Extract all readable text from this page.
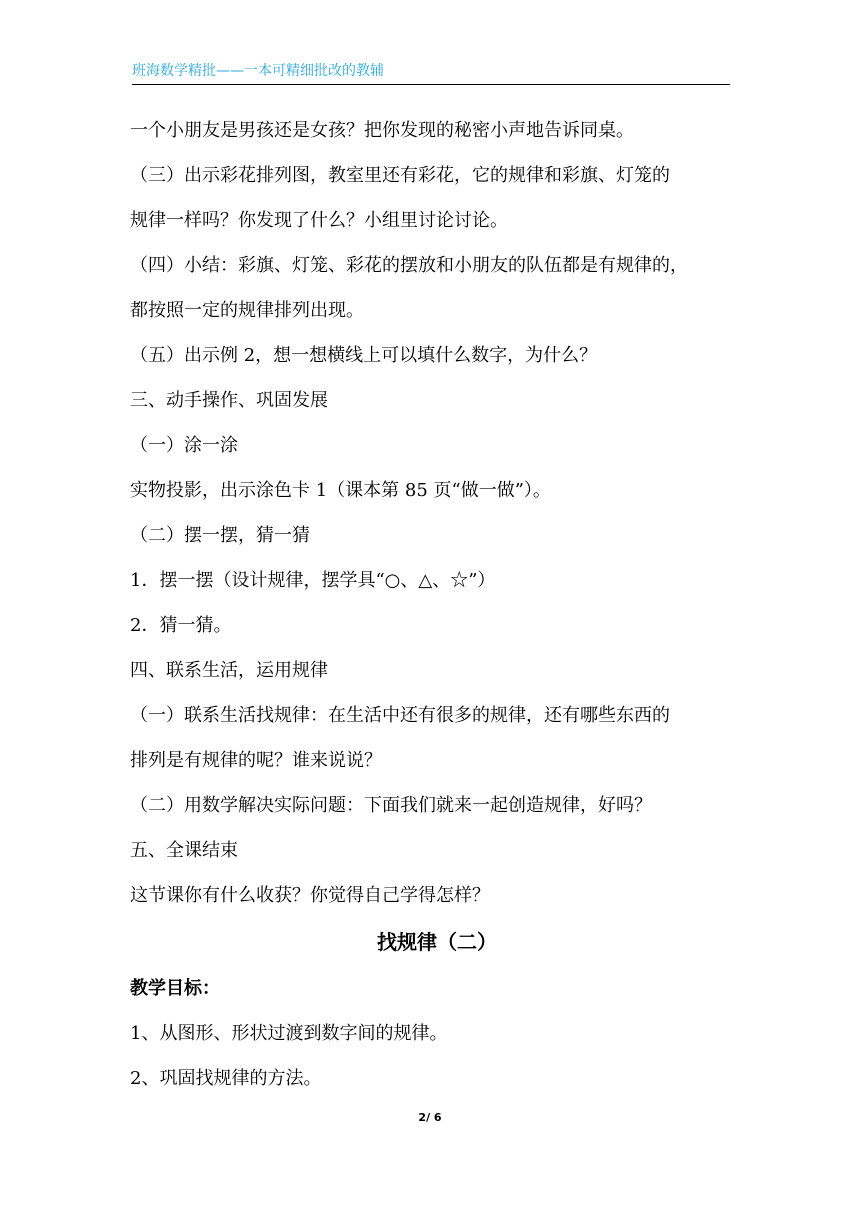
班海数学精批——一本可精细批改的教辅
一个小朋友是男孩还是女孩？把你发现的秘密小声地告诉同桌。
（三）出示彩花排列图，教室里还有彩花，它的规律和彩旗、灯笼的
规律一样吗？你发现了什么？小组里讨论讨论。
（四）小结：彩旗、灯笼、彩花的摆放和小朋友的队伍都是有规律的，
都按照一定的规律排列出现。
（五）出示例 2，想一想横线上可以填什么数字，为什么？
三、动手操作、巩固发展
（一）涂一涂
实物投影，出示涂色卡 1（课本第 85 页“做一做”）。
（二）摆一摆，猜一猜
1．摆一摆（设计规律，摆学具“○、△、☆”）
2．猜一猜。
四、联系生活，运用规律
（一）联系生活找规律：在生活中还有很多的规律，还有哪些东西的
排列是有规律的呢？谁来说说？
（二）用数学解决实际问题：下面我们就来一起创造规律，好吗？
五、全课结束
这节课你有什么收获？你觉得自己学得怎样？
找规律（二）
教学目标：
1、从图形、形状过渡到数字间的规律。
2、巩固找规律的方法。
2/ 6
